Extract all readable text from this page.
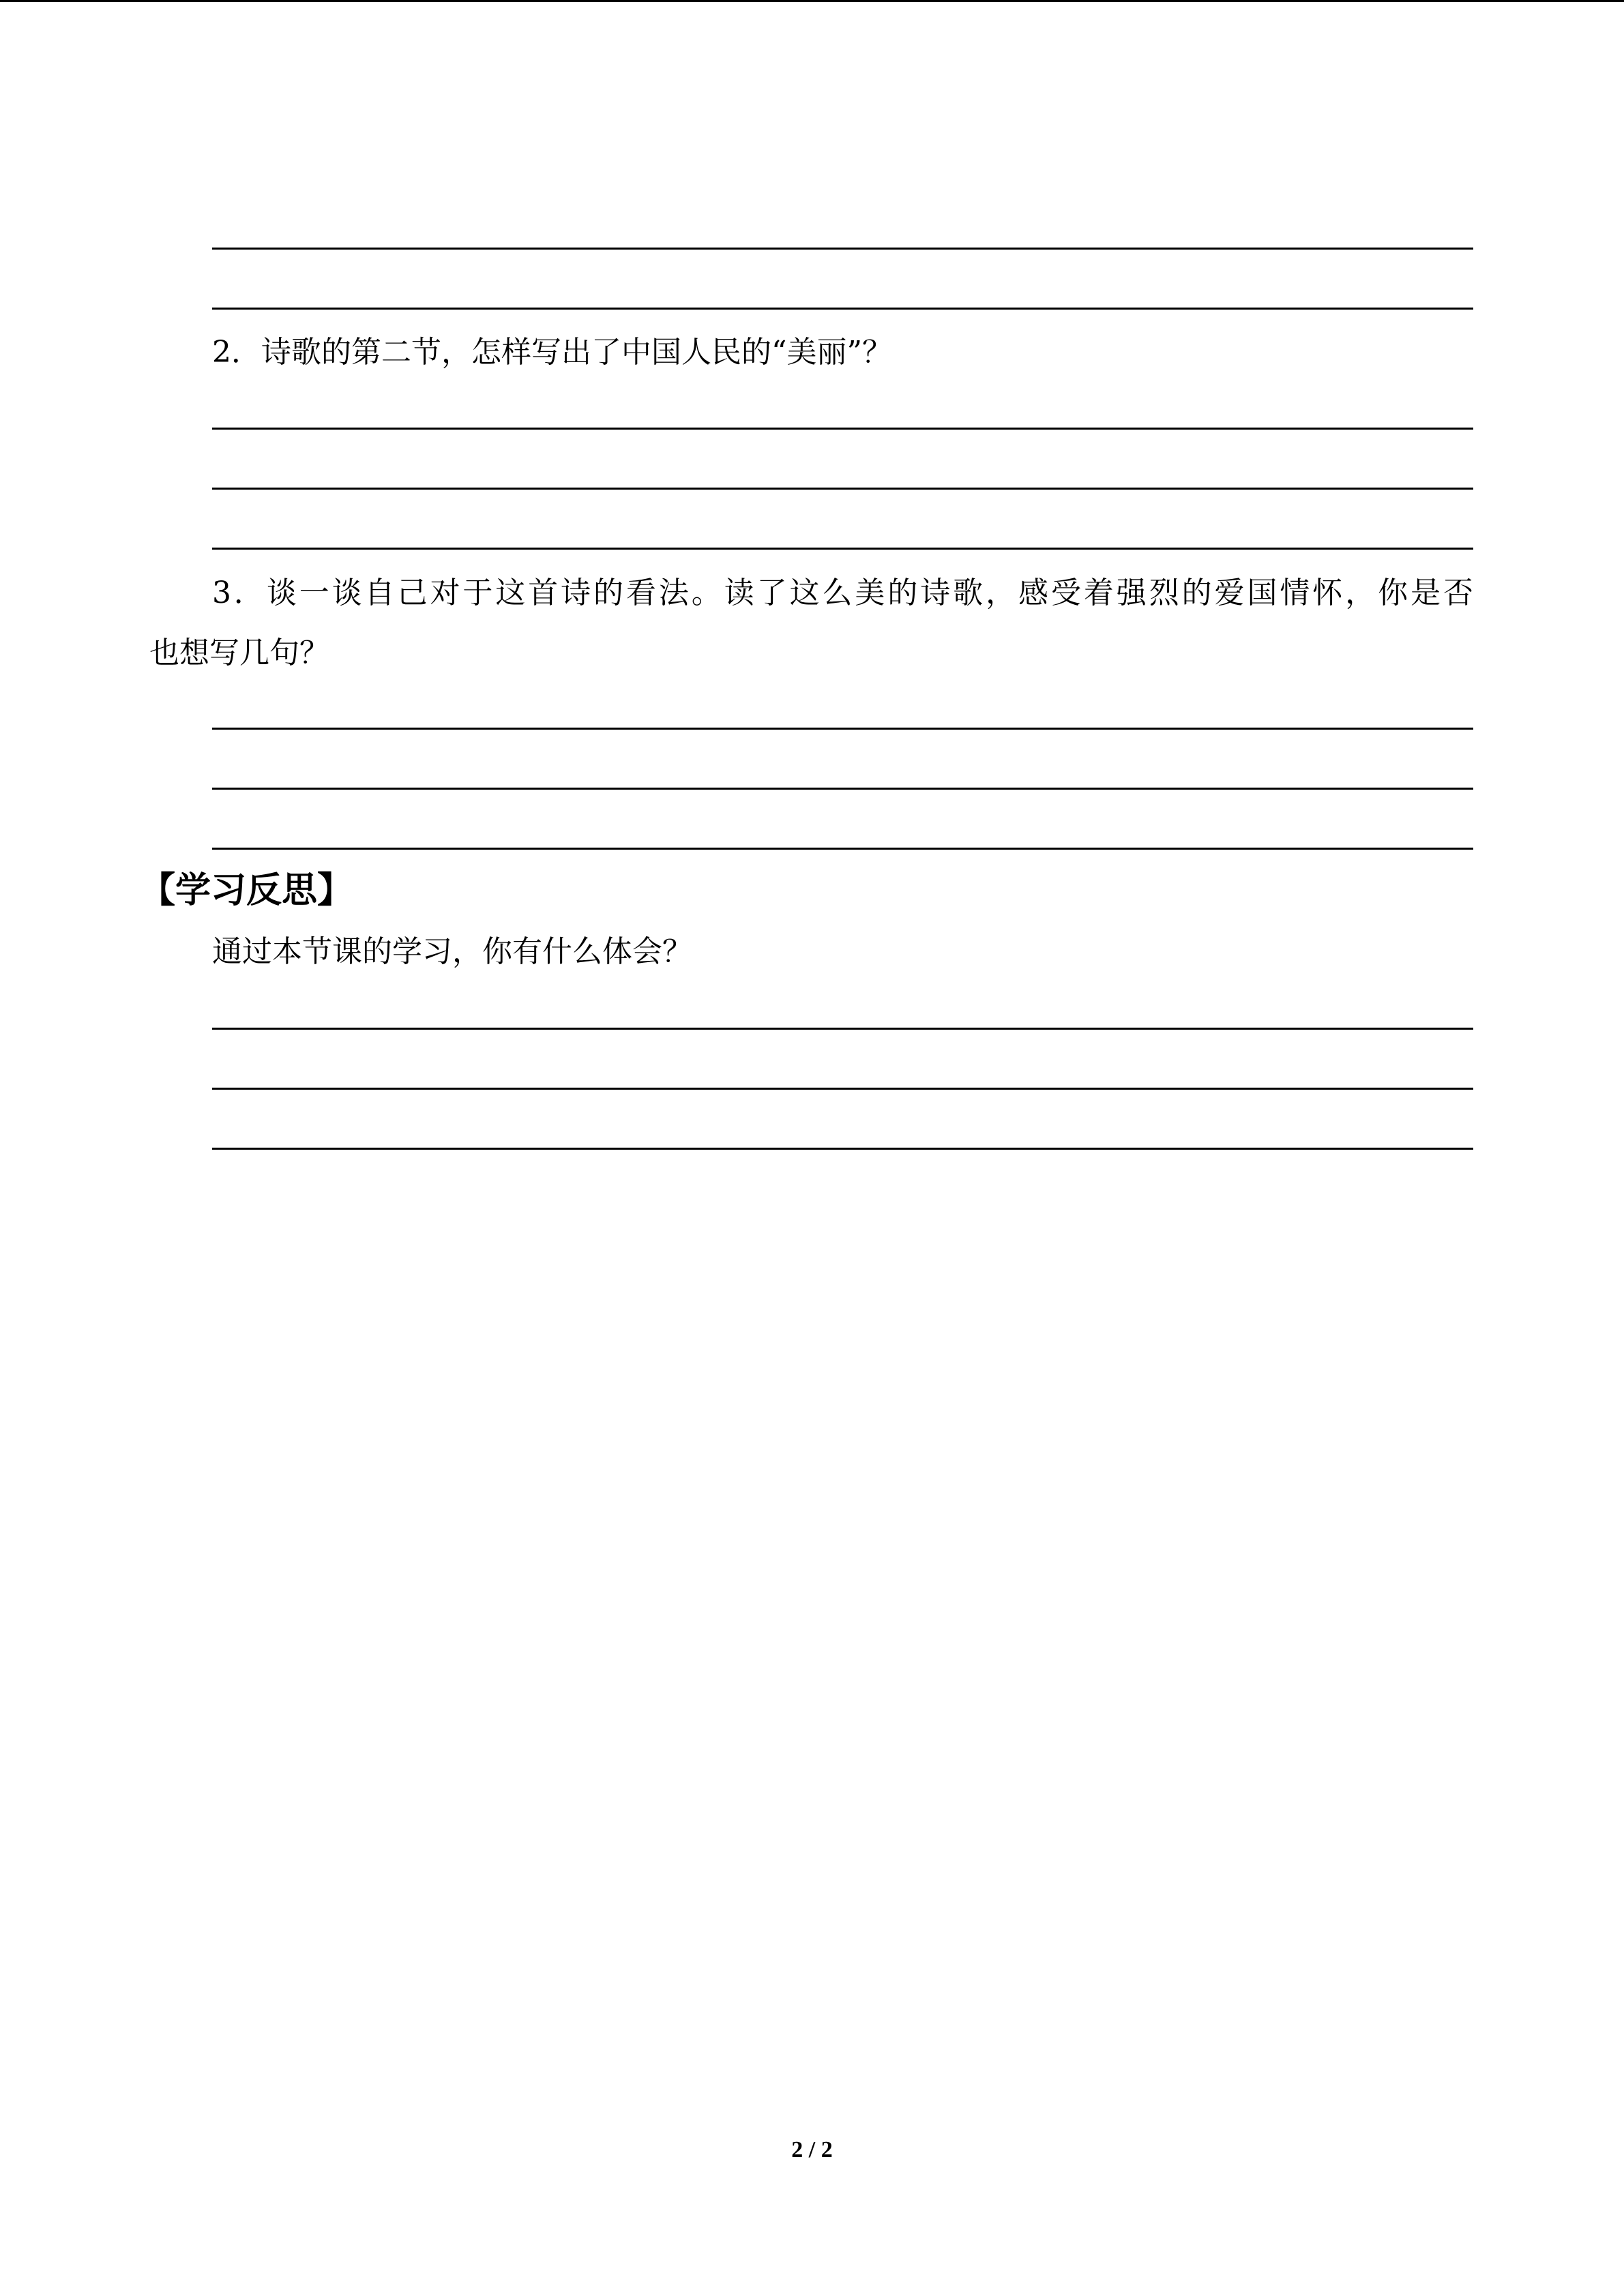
2．诗歌的第二节，怎样写出了中国人民的“美丽”？
3．谈一谈自己对于这首诗的看法。读了这么美的诗歌，感受着强烈的爱国情怀，你是否
也想写几句？
【学习反思】
通过本节课的学习，你有什么体会？
2 / 2
